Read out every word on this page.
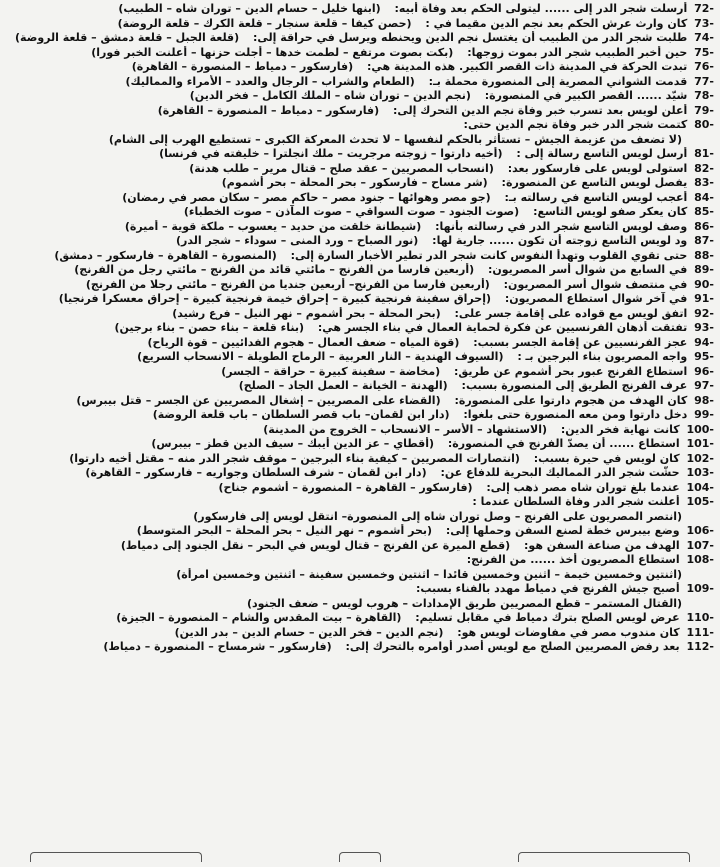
72- أرسلت شجر الدر إلى ...... ليتولى الحكم بعد وفاة أبيه: (ابنها خليل – حسام الدين – توران شاه – الطبيب)
73- كان وارث عرش الحكم بعد نجم الدين مقيما في : (حصن كيفا – قلعة سنجار – قلعة الكرك – قلعة الروضة)
74- طلبت شجر الدر من الطبيب أن يغتسل نجم الدين ويحنطه ويرسل في حراقة إلى: (قلعة الجبل – قلعة دمشق – قلعة الروضة)
75- حين أخبر الطبيب شجر الدر بموت زوجها: (بكت بصوت مرتفع – لطمت خدها – أجلت حزنها – أعلنت الخبر فورا)
76- تبدت الحركة في المدينة ذات القصر الكبير. هذه المدينة هي: (فارسكور – دمياط – المنصورة – القاهرة)
77- قدمت الشواني المصرية إلى المنصورة محملة بـ: (الطعام والشراب – الرجال والعدد – الأمراء والمماليك)
78- شيّد ...... القصر الكبير في المنصورة: (نجم الدين – توران شاه – الملك الكامل – فخر الدين)
79- أعلن لويس بعد تسرب خبر وفاة نجم الدين التحرك إلى: (فارسكور – دمياط – المنصورة – القاهرة)
80- كتمت شجر الدر خبر وفاة نجم الدين حتى:
(لا تضعف من عزيمة الجيش – تستأثر بالحكم لنفسها – لا تحدث المعركة الكبرى – تستطيع الهرب إلى الشام)
81- أرسل لويس التاسع رسالة إلى : (أخيه دارتوا – زوجته مرجريت – ملك انجلترا – خليفته في فرنسا)
82- استولى لويس على فارسكور بعد: (انسحاب المصريين – عقد صلح – قتال مرير – طلب هدنة)
83- يفصل لويس التاسع عن المنصورة: (شر مساح – فارسكور – بحر المحلة – بحر أشموم)
84- أعجب لويس التاسع في رسالته بـ: (جو مصر وهوائها – جنود مصر – حاكم مصر – سكان مصر في رمضان)
85- كان يعكر صفو لويس التاسع: (صوت الجنود – صوت السواقي – صوت المآذن – صوت الخطباء)
86- وصف لويس التاسع شجر الدر في رسالته بأنها: (شيطانة خلقت من حديد – يعسوب – ملكة قوية – أميرة)
87- ود لويس التاسع زوجته أن تكون ...... جارية لها: (نور الصباح – ورد المنى – سوداء – شجر الدر)
88- حتى تقوي القلوب وتهدأ النفوس كانت شجر الدر تطير الأخبار السارة إلى: (المنصورة – القاهرة – فارسكور – دمشق)
89- في السابع من شوال أسر المصريون: (أربعين فارسا من الفرنج – مائتي قائد من الفرنج – مائتي رجل من الفرنج)
90- في منتصف شوال أسر المصريون: (أربعين فارسا من الفرنج– أربعين جنديا من الفرنج – مائتي رجلا من الفرنج)
91- في آخر شوال استطاع المصريون: (إحراق سفينة فرنجية كبيرة – إحراق خيمة فرنجية كبيرة – إحراق معسكرا فرنجيا)
92- اتفق لويس مع قواده على إقامة جسر على: (بحر المحلة – بحر أشموم – نهر النيل – فرع رشيد)
93- تفتقت أذهان الفرنسيين عن فكرة لحماية العمال في بناء الجسر هي: (بناء قلعة – بناء حصن – بناء برجين)
94- عجز الفرنسيين عن إقامة الجسر بسبب: (قوة المياه – ضعف العمال – هجوم الفدائيين – قوة الرياح)
95- واجه المصريون بناء البرجين بـ : (السيوف الهندية – النار العربية – الرماح الطويلة – الانسحاب السريع)
96- استطاع الفرنج عبور بحر أشموم عن طريق: (مخاضة – سفينة كبيرة – حراقة – الجسر)
97- عرف الفرنج الطريق إلى المنصورة بسبب: (الهدنة – الخيانة – العمل الجاد – الصلح)
98- كان الهدف من هجوم دارتوا على المنصورة: (القضاء على المصريين – إشغال المصريين عن الجسر – قتل بيبرس)
99- دخل دارتوا ومن معه المنصورة حتى بلغوا: (دار ابن لقمان– باب قصر السلطان – باب قلعة الروضة)
100- كانت نهاية فخر الدين: (الاستشهاد – الأسر – الانسحاب – الخروج من المدينة)
101- استطاع ...... أن يصدّ الفرنج في المنصورة: (أقطاي – عز الدين أيبك – سيف الدين قطز – بيبرس)
102- كان لويس في حيرة بسبب: (انتصارات المصريين – كيفية بناء البرجين – موقف شجر الدر منه – مقتل أخيه دارتوا)
103- حشّت شجر الدر المماليك البحرية للدفاع عن: (دار ابن لقمان – شرف السلطان وجواريه – فارسكور – القاهرة)
104- عندما بلغ توران شاه مصر ذهب إلى: (فارسكور – القاهرة – المنصورة – أشموم جناح)
105- أعلنت شجر الدر وفاة السلطان عندما :
(انتصر المصريون على الفرنج – وصل توران شاه إلى المنصورة– انتقل لويس إلى فارسكور)
106- وضع بيبرس خطة لصنع السفن وحملها إلى: (بحر أشموم – نهر النيل – بحر المحلة – البحر المتوسط)
107- الهدف من صناعة السفن هو: (قطع الميرة عن الفرنج – قتال لويس في البحر – نقل الجنود إلى دمياط)
108- استطاع المصريون أخذ ...... من الفرنج:
(اثنتين وخمسين خيمة – اثنين وخمسين قائدا – اثنتين وخمسين سفينة – اثنتين وخمسين امرأة)
109- أصبح جيش الفرنج في دمياط مهدد بالفناء بسبب:
(القتال المستمر – قطع المصريين طريق الإمدادات – هروب لويس – ضعف الجنود)
110- عرض لويس الصلح بترك دمياط في مقابل تسليم: (القاهرة – بيت المقدس والشام – المنصورة – الجيزة)
111- كان مندوب مصر في مفاوضات لويس هو: (نجم الدين – فخر الدين – حسام الدين – بدر الدين)
112- بعد رفض المصريين الصلح مع لويس أصدر أوامره بالتحرك إلى: (فارسكور – شرمساح – المنصورة – دمياط)
